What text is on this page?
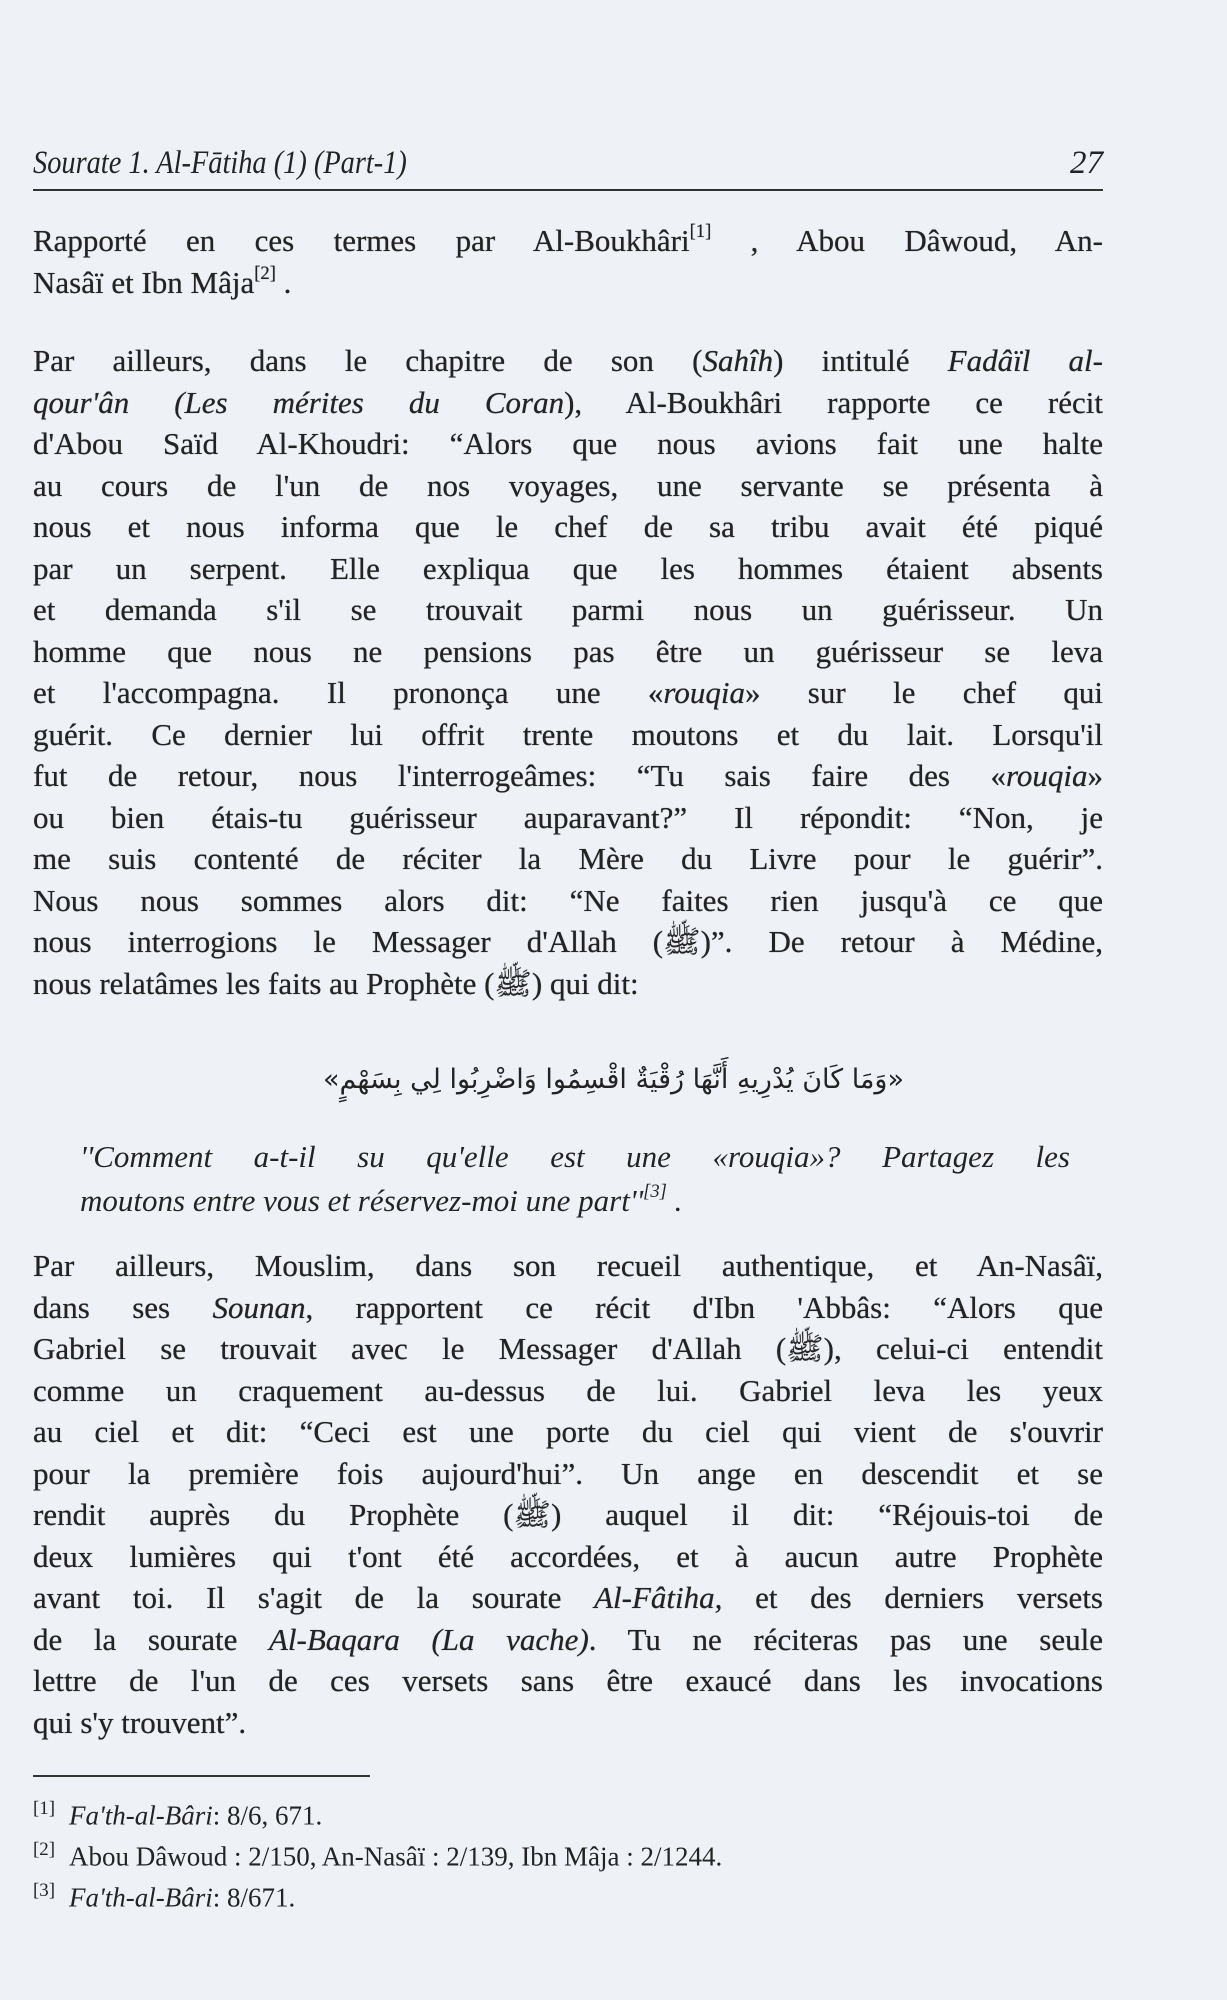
Sourate 1. Al-Fātiha (1) (Part-1)	27
Rapporté en ces termes par Al-Boukhâri[1] , Abou Dâwoud, An-
Nasâï et Ibn Mâja[2] .
Par ailleurs, dans le chapitre de son (Sahîh) intitulé Fadâïl al-
qour'ân (Les mérites du Coran), Al-Boukhâri rapporte ce récit
d'Abou Saïd Al-Khoudri: “Alors que nous avions fait une halte
au cours de l'un de nos voyages, une servante se présenta à
nous et nous informa que le chef de sa tribu avait été piqué
par un serpent. Elle expliqua que les hommes étaient absents
et demanda s'il se trouvait parmi nous un guérisseur. Un
homme que nous ne pensions pas être un guérisseur se leva
et l'accompagna. Il prononça une «rouqia» sur le chef qui
guérit. Ce dernier lui offrit trente moutons et du lait. Lorsqu'il
fut de retour, nous l'interrogeâmes: “Tu sais faire des «rouqia»
ou bien étais-tu guérisseur auparavant?” Il répondit: “Non, je
me suis contenté de réciter la Mère du Livre pour le guérir”.
Nous nous sommes alors dit: “Ne faites rien jusqu'à ce que
nous interrogions le Messager d'Allah (ﷺ)”. De retour à Médine,
nous relatâmes les faits au Prophète (ﷺ) qui dit:
«وَمَا كَانَ يُدْرِيهِ أَنَّهَا رُقْيَةٌ اقْسِمُوا وَاضْرِبُوا لِي بِسَهْمٍ»
''Comment a-t-il su qu'elle est une «rouqia»? Partagez les
moutons entre vous et réservez-moi une part''[3] .
Par ailleurs, Mouslim, dans son recueil authentique, et An-Nasâï,
dans ses Sounan, rapportent ce récit d'Ibn 'Abbâs: “Alors que
Gabriel se trouvait avec le Messager d'Allah (ﷺ), celui-ci entendit
comme un craquement au-dessus de lui. Gabriel leva les yeux
au ciel et dit: “Ceci est une porte du ciel qui vient de s'ouvrir
pour la première fois aujourd'hui”. Un ange en descendit et se
rendit auprès du Prophète (ﷺ) auquel il dit: “Réjouis-toi de
deux lumières qui t'ont été accordées, et à aucun autre Prophète
avant toi. Il s'agit de la sourate Al-Fâtiha, et des derniers versets
de la sourate Al-Baqara (La vache). Tu ne réciteras pas une seule
lettre de l'un de ces versets sans être exaucé dans les invocations
qui s'y trouvent”.
[1] Fa'th-al-Bâri: 8/6, 671.
[2] Abou Dâwoud : 2/150, An-Nasâï : 2/139, Ibn Mâja : 2/1244.
[3] Fa'th-al-Bâri: 8/671.
